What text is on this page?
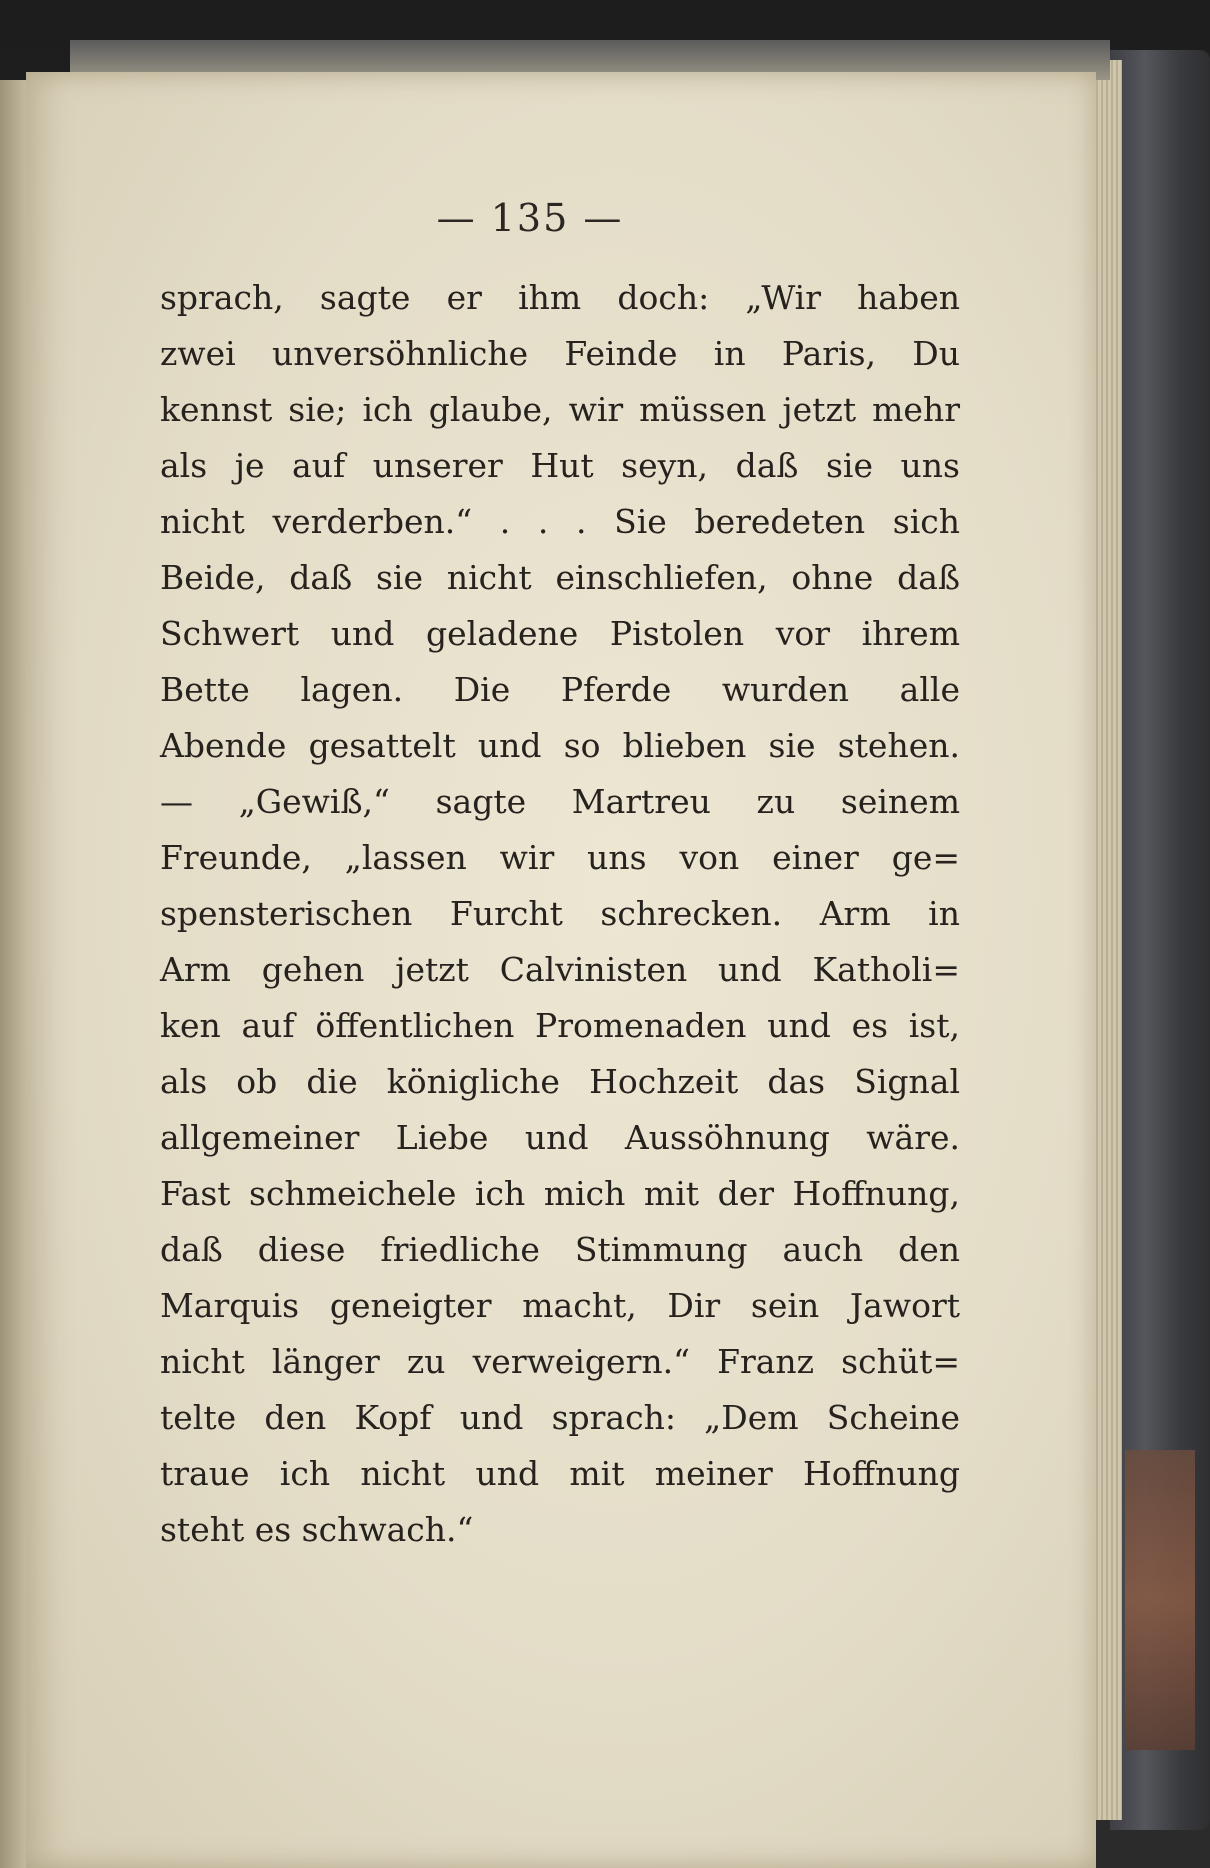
— 135 —
sprach, sagte er ihm doch: „Wir haben
zwei unversöhnliche Feinde in Paris, Du
kennst sie; ich glaube, wir müssen jetzt mehr
als je auf unserer Hut seyn, daß sie uns
nicht verderben.“ . . . Sie beredeten sich
Beide, daß sie nicht einschliefen, ohne daß
Schwert und geladene Pistolen vor ihrem
Bette lagen. Die Pferde wurden alle
Abende gesattelt und so blieben sie stehen.
— „Gewiß,“ sagte Martreu zu seinem
Freunde, „lassen wir uns von einer ge=
spensterischen Furcht schrecken. Arm in
Arm gehen jetzt Calvinisten und Katholi=
ken auf öffentlichen Promenaden und es ist,
als ob die königliche Hochzeit das Signal
allgemeiner Liebe und Aussöhnung wäre.
Fast schmeichele ich mich mit der Hoffnung,
daß diese friedliche Stimmung auch den
Marquis geneigter macht, Dir sein Jawort
nicht länger zu verweigern.“ Franz schüt=
telte den Kopf und sprach: „Dem Scheine
traue ich nicht und mit meiner Hoffnung
steht es schwach.“
